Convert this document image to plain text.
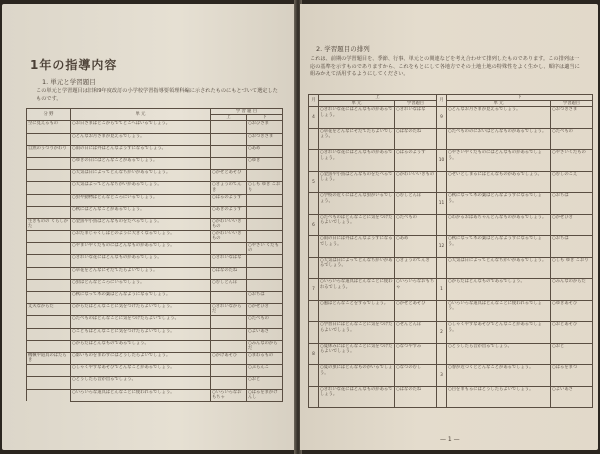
1年の指導内容
1. 単元と学習題目
この単元と学習題目は旧和9年度改訂の小学校学習指導要領理科編に示されたものにもとづいて選定したものです。
分 野	単 元	学 習 題 目	
		上	下
空に見えるもの	○お日さまはどこからでてどこへはいるでしょう。		○おひさま
	○どんなお月さまが見えるでしょう。		○おつきさま
自然のうつりかわり	○雨の日には外はどんなようすになるでしょう。		○あめ
	○ゆきの日にはどんなことがあるでしょう。		○ゆき
	○天気は日によってどんなちがいがあるでしょう。	○かぜとあそび	
	○天気はよってどんなちがいがあるでしょう。	○きょうのてんき	○しも ゆき こおり
	○虫や動物はどんなところにいるでしょう。	○はるのようす	
	○秋にはどんなことがあるでしょう。	○あきのようす	
生きものの くらしかた	○金魚や小鳥はどんなものをたべるでしょう。	○かわいいいきもの	
	○おたまじゃくしはどのように大きくなるでしょう。	○かわいいいきもの	
	○やまいやくだものにはどんなものがあるでしょう。		○やさい くだもの
	○きれいな花にはどんなものがあるでしょう。	○きれいなはな	
	○草花をどんなにそだてたらよいでしょう。	○はなのたね	
	○虫はどんなところにいるでしょう。	○むしとんぼ	
	○秋になって木の葉はどんなようになるでしょう。		○おちば
丈夫なからだ	○からだはどんなことに気をつけたらよいでしょう。	○きれいなからだ	○かぜひき
	○たべものはどんなことに気をつけたらよいでしょう。		○たべもの
	○こどもはどんなことに気をつけたらよいでしょう。		○よいあさ
	○からだはどんなものであるでしょう。		○みんなのからだ
機械や道具のはたらき	○影いものをまわすにはどうしたらよいでしょう。	○かげあそび	○まわるもの
	○しゃくやすなあそびでどんなことがあるでしょう。		○ぶらんこ
	○どうしたら音が出るでしょう。		○おと
	○いろいろな道具はどんなことに使われるでしょう。	○いろいろなおもちゃ	○はるをまがけんし
2. 学習題目の排列
これは、前期の学習題目を、季節、行事、単元との関連などを考え合わせて排列したものであります。この排列は一応の基準を示すものでありますから、これをもとにして各地方でその土地土地の特殊性をよく生かし、順序は適当に組みかえて活用するようにしてください。
月	上		月	下	
	単 元	学習題目		単 元	学習題目
4	○きれいな花にはどんなものがあるでしょう。	○きれいなはな	9	○どんなお月さまが見えるでしょう。	○おつきさま
	○草花をどんなにそだてたらよいでしょう。	○はなのたね		○たべもののにおいはどんなものがあるでしょう。	○たべもの
	○きれいな花にはどんなものがあるでしょう。	○はるのようす	10	○やさいやくだものにはどんなものがあるでしょう。	○やさいくだもの
5	○金魚や小鳥はどんなものをたべるでしょう。	○かわいいいきもの		○せいとしまるにはどんなものがあるでしょう。	○むしのこえ
	○学校の近くにはどんな虫がいるでしょう。	○むしとんぼ	11	○秋になって木の葉はどんなようすになるでしょう。	○おちば
6	○たべものはどんなことに気をつけたらよいでしょう。	○たべもの		○わかるおばあちゃんどんなものがあるでしょう。	○かぜひき
	○雨の日には外はどんなようすになるでしょう。	○あめ	12	○秋になって木の葉はどんなようすになるでしょう。	○おちば
	○天気は日によってどんなちがいがあるでしょう。	○きょうのてんき		○天気は日によってどんなちがいがあるでしょう。	○しも ゆき こおり
7	○いろいろな道具はどんなことに使われるでしょう。	○いろいろなおもちゃ	1	○からだはどんなものであるでしょう。	○みんなのからだ
	○風はどんなことをするでしょう。	○かぜとあそび		○いろいろな道具はどんなことに使われるでしょう。	○ゆきあそび
	○学習日にはどんなことに気をつけたらよいでしょう。	○せんとんぼ	2	○しゃくやすなあそびでどんなことがあるでしょう。	○おとあそび
8	○夏休みにはどんなことに気をつけたらよいでしょう。	○なつやすみ		○どうしたら音が出るでしょう。	○おと
	○夏の虫にはどんなものがいるでしょう。	○なつのむし	3	○春が近づくとどんなことがあるでしょう。	○はるをまつ
	○きれいな花にはどんなものがあるでしょう。	○はなのたね		○目をまもるにはどうしたらよいでしょう。	○よいあさ
— 1 —
